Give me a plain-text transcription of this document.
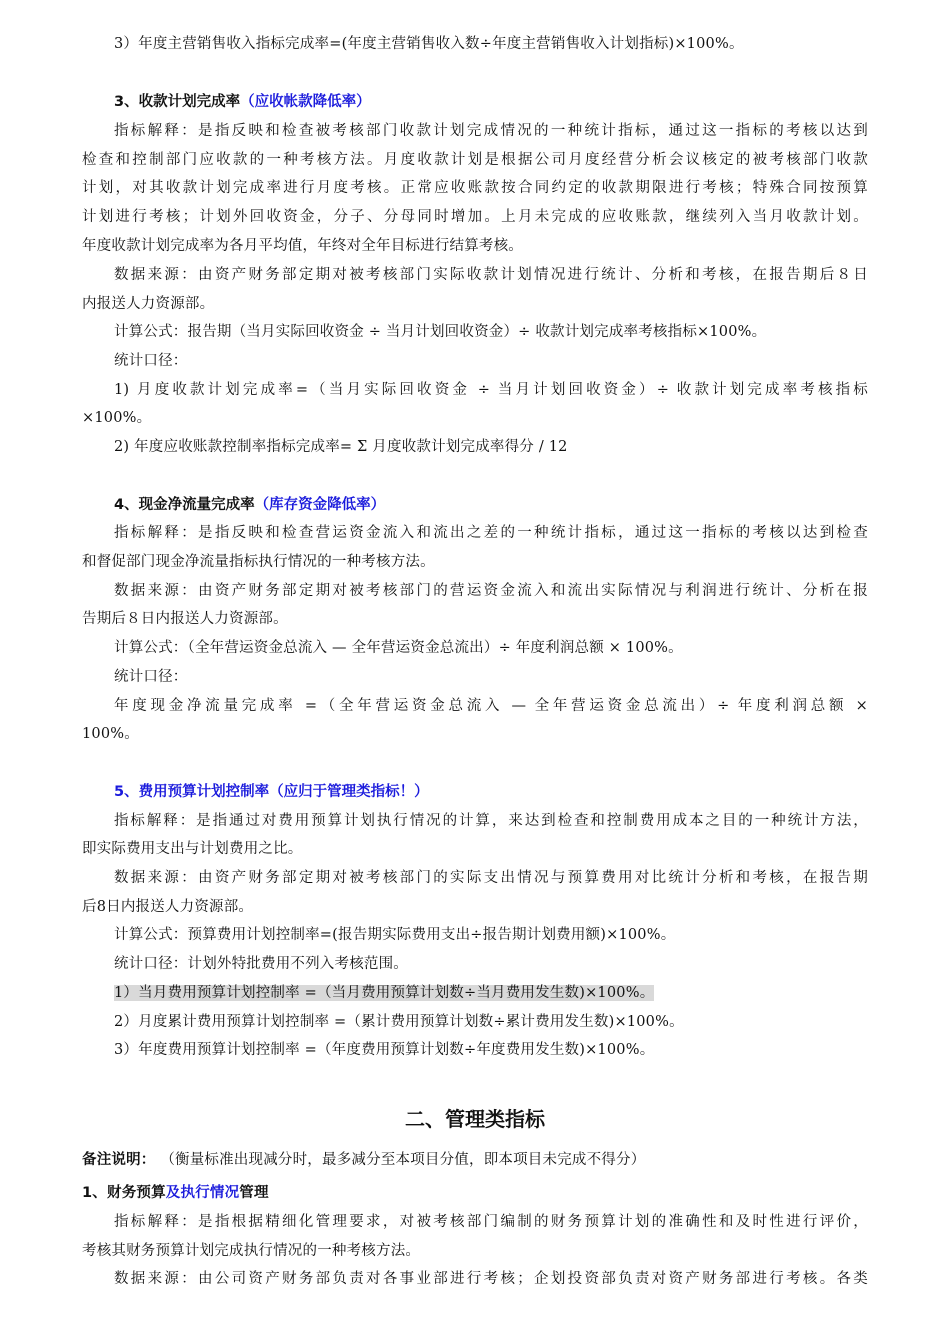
3）年度主营销售收入指标完成率=(年度主营销售收入数÷年度主营销售收入计划指标)×100%。
3、收款计划完成率（应收帐款降低率）
指标解释：是指反映和检查被考核部门收款计划完成情况的一种统计指标，通过这一指标的考核以达到
检查和控制部门应收款的一种考核方法。月度收款计划是根据公司月度经营分析会议核定的被考核部门收款
计划，对其收款计划完成率进行月度考核。正常应收账款按合同约定的收款期限进行考核；特殊合同按预算
计划进行考核；计划外回收资金，分子、分母同时增加。上月未完成的应收账款，继续列入当月收款计划。
年度收款计划完成率为各月平均值，年终对全年目标进行结算考核。
数据来源：由资产财务部定期对被考核部门实际收款计划情况进行统计、分析和考核，在报告期后８日
内报送人力资源部。
计算公式：报告期（当月实际回收资金 ÷ 当月计划回收资金）÷ 收款计划完成率考核指标×100%。
统计口径：
1) 月度收款计划完成率=（当月实际回收资金 ÷ 当月计划回收资金）÷ 收款计划完成率考核指标
×100%。
2) 年度应收账款控制率指标完成率= Σ 月度收款计划完成率得分 / 12
4、现金净流量完成率（库存资金降低率）
指标解释：是指反映和检查营运资金流入和流出之差的一种统计指标，通过这一指标的考核以达到检查
和督促部门现金净流量指标执行情况的一种考核方法。
数据来源：由资产财务部定期对被考核部门的营运资金流入和流出实际情况与利润进行统计、分析在报
告期后８日内报送人力资源部。
计算公式：（全年营运资金总流入 — 全年营运资金总流出）÷ 年度利润总额 × 100%。
统计口径：
年度现金净流量完成率 =（全年营运资金总流入 — 全年营运资金总流出）÷ 年度利润总额 ×
100%。
5、费用预算计划控制率（应归于管理类指标！）
指标解释：是指通过对费用预算计划执行情况的计算，来达到检查和控制费用成本之目的一种统计方法，
即实际费用支出与计划费用之比。
数据来源：由资产财务部定期对被考核部门的实际支出情况与预算费用对比统计分析和考核，在报告期
后8日内报送人力资源部。
计算公式：预算费用计划控制率=(报告期实际费用支出÷报告期计划费用额)×100%。
统计口径：计划外特批费用不列入考核范围。
1）当月费用预算计划控制率 =（当月费用预算计划数÷当月费用发生数)×100%。
2）月度累计费用预算计划控制率 =（累计费用预算计划数÷累计费用发生数)×100%。
3）年度费用预算计划控制率 =（年度费用预算计划数÷年度费用发生数)×100%。
二、管理类指标
备注说明： （衡量标准出现减分时，最多减分至本项目分值，即本项目未完成不得分）
1、财务预算及执行情况管理
指标解释：是指根据精细化管理要求，对被考核部门编制的财务预算计划的准确性和及时性进行评价，
考核其财务预算计划完成执行情况的一种考核方法。
数据来源：由公司资产财务部负责对各事业部进行考核；企划投资部负责对资产财务部进行考核。各类
